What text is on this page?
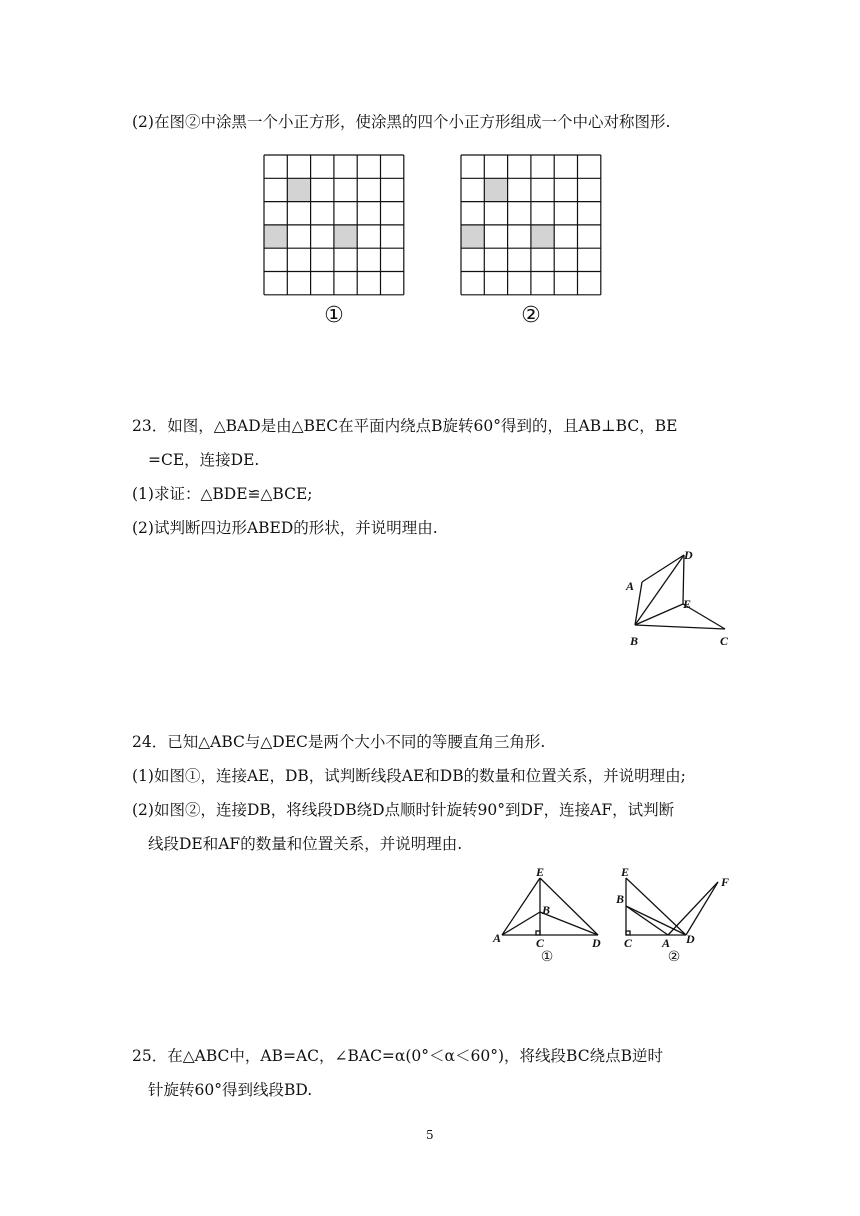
(2)在图②中涂黑一个小正方形，使涂黑的四个小正方形组成一个中心对称图形.
①	②
23．如图，△BAD是由△BEC在平面内绕点B旋转60°得到的，且AB⊥BC，BE
=CE，连接DE.
(1)求证：△BDE≌△BCE;
(2)试判断四边形ABED的形状，并说明理由.
A
B	C
D
E
24．已知△ABC与△DEC是两个大小不同的等腰直角三角形.
(1)如图①，连接AE，DB，试判断线段AE和DB的数量和位置关系，并说明理由;
(2)如图②，连接DB，将线段DB绕D点顺时针旋转90°到DF，连接AF，试判断
线段DE和AF的数量和位置关系，并说明理由.
E
B
A	C	D
①
E
B
C A D
F
②
25．在△ABC中，AB=AC，∠BAC=α(0°＜α＜60°)，将线段BC绕点B逆时
针旋转60°得到线段BD.
5
